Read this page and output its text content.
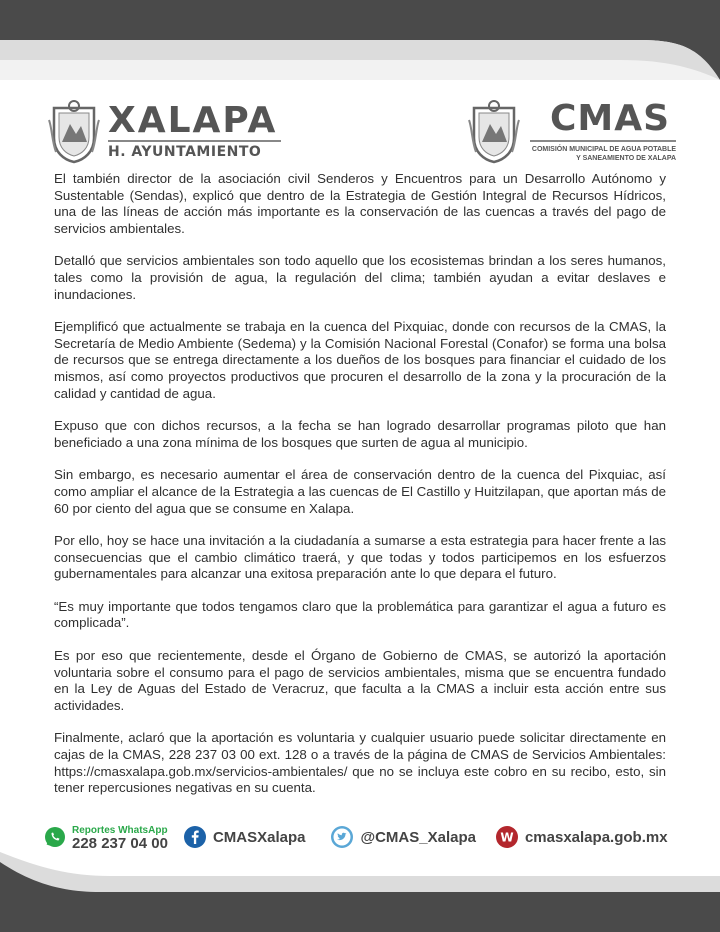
XALAPA
H. AYUNTAMIENTO
CMAS
COMISIÓN MUNICIPAL DE AGUA POTABLE
Y SANEAMIENTO DE XALAPA

El también director de la asociación civil Senderos y Encuentros para un Desarrollo Autónomo y Sustentable (Sendas), explicó que dentro de la Estrategia de Gestión Integral de Recursos Hídricos, una de las líneas de acción más importante es la conservación de las cuencas a través del pago de servicios ambientales.

Detalló que servicios ambientales son todo aquello que los ecosistemas brindan a los seres humanos, tales como la provisión de agua, la regulación del clima; también ayudan a evitar deslaves e inundaciones.

Ejemplificó que actualmente se trabaja en la cuenca del Pixquiac, donde con recursos de la CMAS, la Secretaría de Medio Ambiente (Sedema) y la Comisión Nacional Forestal (Conafor) se forma una bolsa de recursos que se entrega directamente a los dueños de los bosques para financiar el cuidado de los mismos, así como proyectos productivos que procuren el desarrollo de la zona y la procuración de la calidad y cantidad de agua.

Expuso que con dichos recursos, a la fecha se han logrado desarrollar programas piloto que han beneficiado a una zona mínima de los bosques que surten de agua al municipio.

Sin embargo, es necesario aumentar el área de conservación dentro de la cuenca del Pixquiac, así como ampliar el alcance de la Estrategia a las cuencas de El Castillo y Huitzilapan, que aportan más de 60 por ciento del agua que se consume en Xalapa.

Por ello, hoy se hace una invitación a la ciudadanía a sumarse a esta estrategia para hacer frente a las consecuencias que el cambio climático traerá, y que todas y todos participemos en los esfuerzos gubernamentales para alcanzar una exitosa preparación ante lo que depara el futuro.

“Es muy importante que todos tengamos claro que la problemática para garantizar el agua a futuro es complicada”.

Es por eso que recientemente, desde el Órgano de Gobierno de CMAS, se autorizó la aportación voluntaria sobre el consumo para el pago de servicios ambientales, misma que se encuentra fundado en la Ley de Aguas del Estado de Veracruz, que faculta a la CMAS a incluir esta acción entre sus actividades.

Finalmente, aclaró que la aportación es voluntaria y cualquier usuario puede solicitar directamente en cajas de la CMAS, 228 237 03 00 ext. 128 o a través de la página de CMAS de Servicios Ambientales: https://cmasxalapa.gob.mx/servicios-ambientales/ que no se incluya este cobro en su recibo, esto, sin tener repercusiones negativas en su cuenta.

Reportes WhatsApp
228 237 04 00	CMASXalapa	@CMAS_Xalapa W cmasxalapa.gob.mx
